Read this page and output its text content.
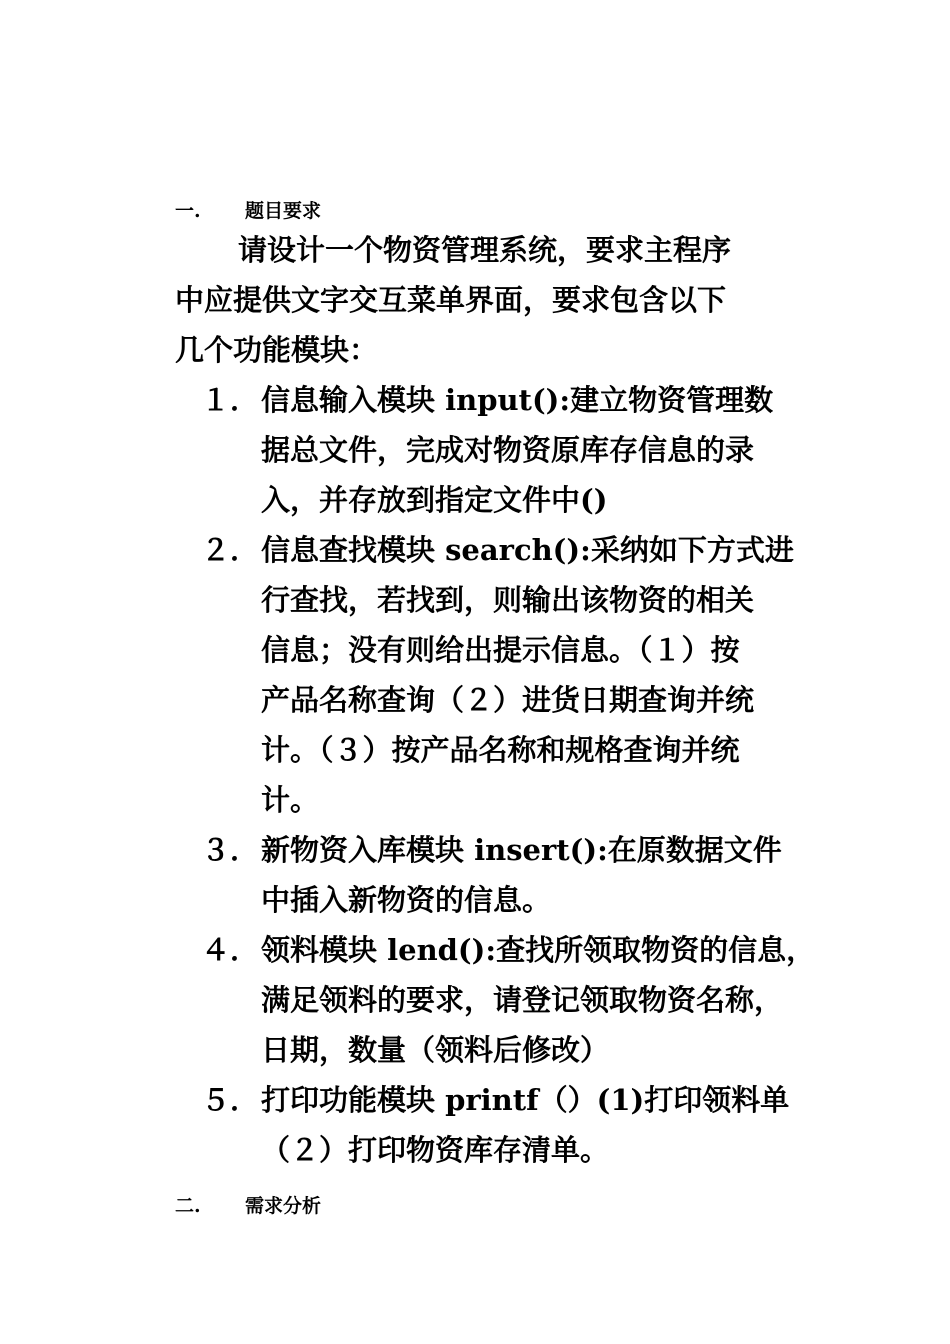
一. 题目要求

请设计一个物资管理系统，要求主程序
中应提供文字交互菜单界面，要求包含以下
几个功能模块：

１． 信息输入模块 input():建立物资管理数
据总文件，完成对物资原库存信息的录
入，并存放到指定文件中()
２． 信息查找模块 search():采纳如下方式进
行查找，若找到，则输出该物资的相关
信息；没有则给出提示信息。（１）按
产品名称查询（２）进货日期查询并统
计。（３）按产品名称和规格查询并统
计。
３． 新物资入库模块 insert():在原数据文件
中插入新物资的信息。
４． 领料模块 lend():查找所领取物资的信息，
满足领料的要求，请登记领取物资名称，
日期，数量（领料后修改）
５． 打印功能模块 printf（）(1)打印领料单
（２）打印物资库存清单。
二. 需求分析
